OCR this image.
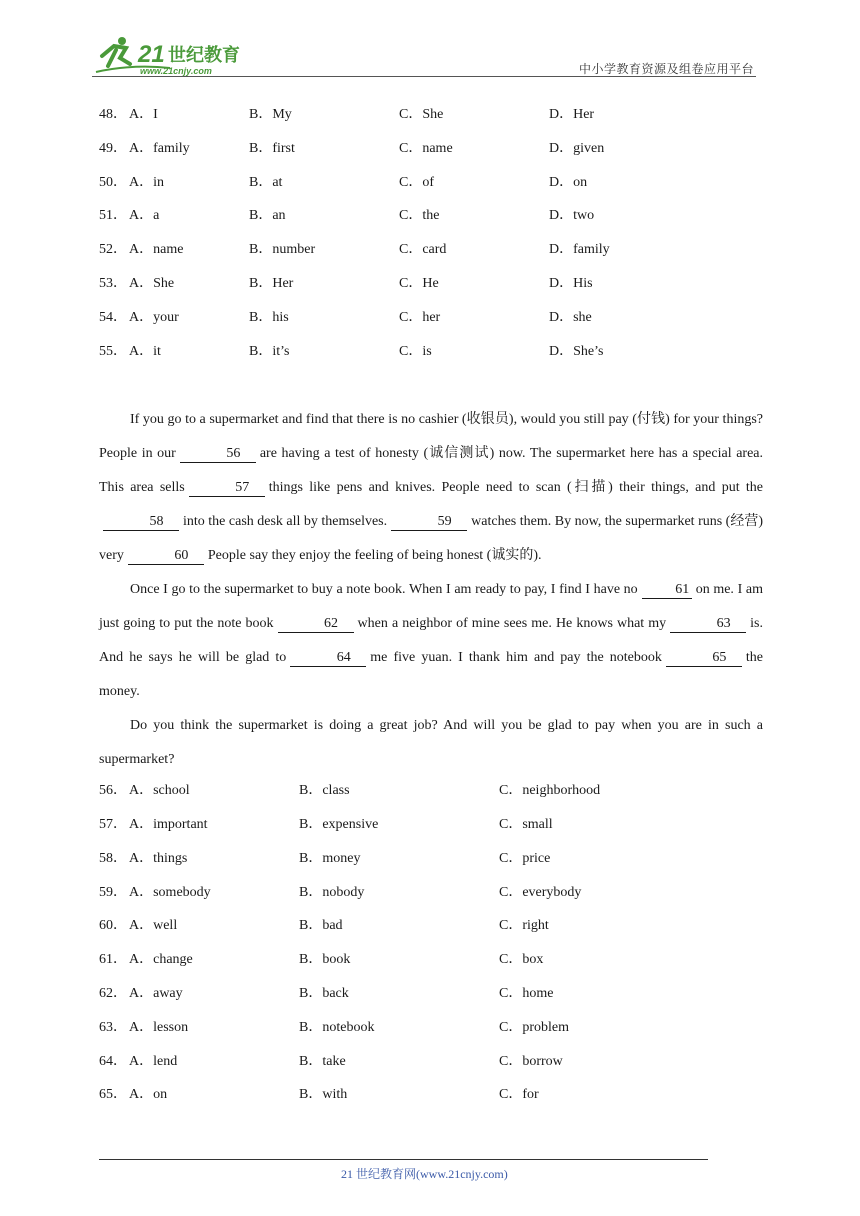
21 世纪教育
www.21cnjy.com	中小学教育资源及组卷应用平台
48． A．I	B．My	C．She	D．Her
49． A．family	B．first	C．name	D．given
50． A．in	B．at	C．of	D．on
51． A．a	B．an	C．the	D．two
52． A．name	B．number	C．card	D．family
53． A．She	B．Her	C．He	D．His
54． A．your	B．his	C．her	D．she
55． A．it	B．it’s	C．is	D．She’s

If you go to a supermarket and find that there is no cashier (收银员), would you still pay (付钱) for your things? People in our	56 are having a test of honesty (诚信测试) now. The supermarket here has a special area. This area sells	57 things like pens and knives. People need to scan (扫描) their things, and put the58 into the cash desk all by themselves.	59 watches them. By now, the supermarket runs (经营) very	60 People say they enjoy the feeling of being honest (诚实的).

Once I go to the supermarket to buy a note book. When I am ready to pay, I find I have no	61 on me. I am just going to put the note book	62 when a neighbor of mine sees me. He knows what my	63 is. And he says he will be glad to	64 me five yuan. I thank him and pay the notebook	65 the money.

Do you think the supermarket is doing a great job? And will you be glad to pay when you are in such a supermarket?

56． A．school	B．class	C．neighborhood
57． A．important	B．expensive	C．small
58． A．things	B．money	C．price
59． A．somebody	B．nobody	C．everybody
60． A．well	B．bad	C．right
61． A．change	B．book	C．box
62． A．away	B．back	C．home
63． A．lesson	B．notebook	C．problem
64． A．lend	B．take	C．borrow
65． A．on	B．with	C．for
21 世纪教育网(www.21cnjy.com)
